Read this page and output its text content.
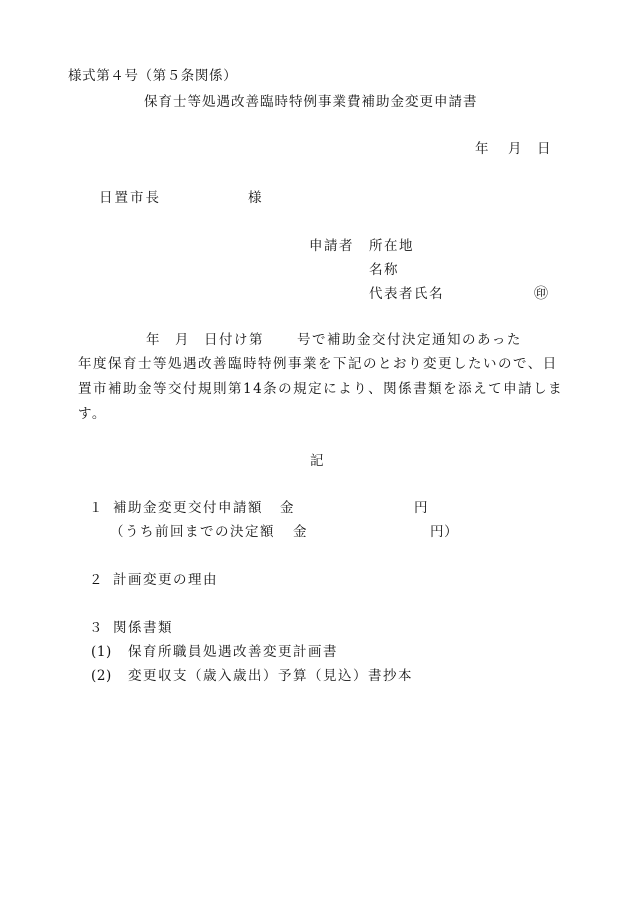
様式第４号（第５条関係）
保育士等処遇改善臨時特例事業費補助金変更申請書
年 月 日
日置市長	様
申請者 所在地
名称
代表者氏名	㊞
年 月 日付け第 号で補助金交付決定通知のあった
年度保育士等処遇改善臨時特例事業を下記のとおり変更したいので、日
置市補助金等交付規則第14条の規定により、関係書類を添えて申請しま
す。
記
１ 補助金変更交付申請額 金	円
（うち前回までの決定額 金	円）
２ 計画変更の理由
３ 関係書類
(1) 保育所職員処遇改善変更計画書
(2) 変更収支（歳入歳出）予算（見込）書抄本
